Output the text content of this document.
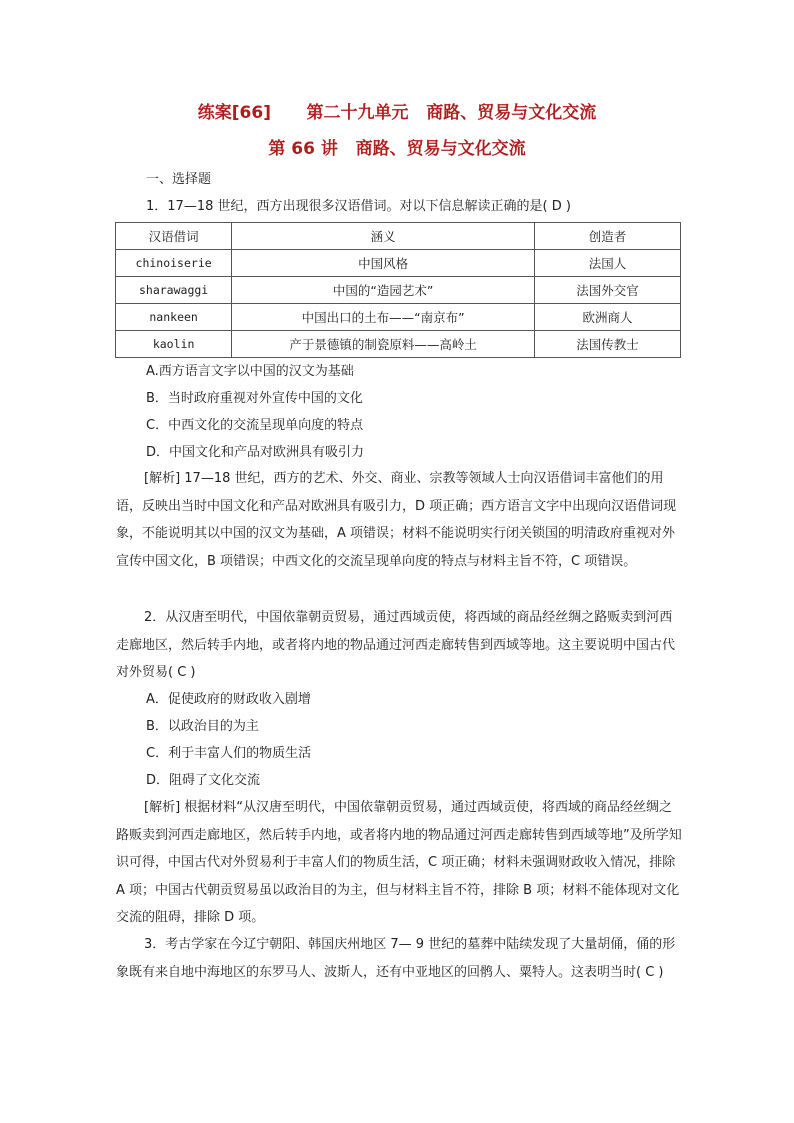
练案[66]      第二十九单元   商路、贸易与文化交流
第 66 讲   商路、贸易与文化交流
一、选择题
1．17—18 世纪，西方出现很多汉语借词。对以下信息解读正确的是( D )
汉语借词	涵义	创造者
chinoiserie	中国风格	法国人
sharawaggi	中国的“造园艺术”	法国外交官
nankeen	中国出口的土布——“南京布”	欧洲商人
kaolin	产于景德镇的制瓷原料——高岭土	法国传教士
A.西方语言文字以中国的汉文为基础
B．当时政府重视对外宣传中国的文化
C．中西文化的交流呈现单向度的特点
D．中国文化和产品对欧洲具有吸引力
[解析] 17—18 世纪，西方的艺术、外交、商业、宗教等领域人士向汉语借词丰富他们的用语，反映出当时中国文化和产品对欧洲具有吸引力，D 项正确；西方语言文字中出现向汉语借词现象，不能说明其以中国的汉文为基础，A 项错误；材料不能说明实行闭关锁国的明清政府重视对外宣传中国文化，B 项错误；中西文化的交流呈现单向度的特点与材料主旨不符，C 项错误。
2．从汉唐至明代，中国依靠朝贡贸易，通过西域贡使，将西域的商品经丝绸之路贩卖到河西走廊地区，然后转手内地，或者将内地的物品通过河西走廊转售到西域等地。这主要说明中国古代对外贸易( C )
A．促使政府的财政收入剧增
B．以政治目的为主
C．利于丰富人们的物质生活
D．阻碍了文化交流
[解析] 根据材料“从汉唐至明代，中国依靠朝贡贸易，通过西域贡使，将西域的商品经丝绸之路贩卖到河西走廊地区，然后转手内地，或者将内地的物品通过河西走廊转售到西域等地”及所学知识可得，中国古代对外贸易利于丰富人们的物质生活，C 项正确；材料未强调财政收入情况，排除 A 项；中国古代朝贡贸易虽以政治目的为主，但与材料主旨不符，排除 B 项；材料不能体现对文化交流的阻碍，排除 D 项。
3．考古学家在今辽宁朝阳、韩国庆州地区 7— 9 世纪的墓葬中陆续发现了大量胡俑，俑的形象既有来自地中海地区的东罗马人、波斯人，还有中亚地区的回鹘人、粟特人。这表明当时( C )
